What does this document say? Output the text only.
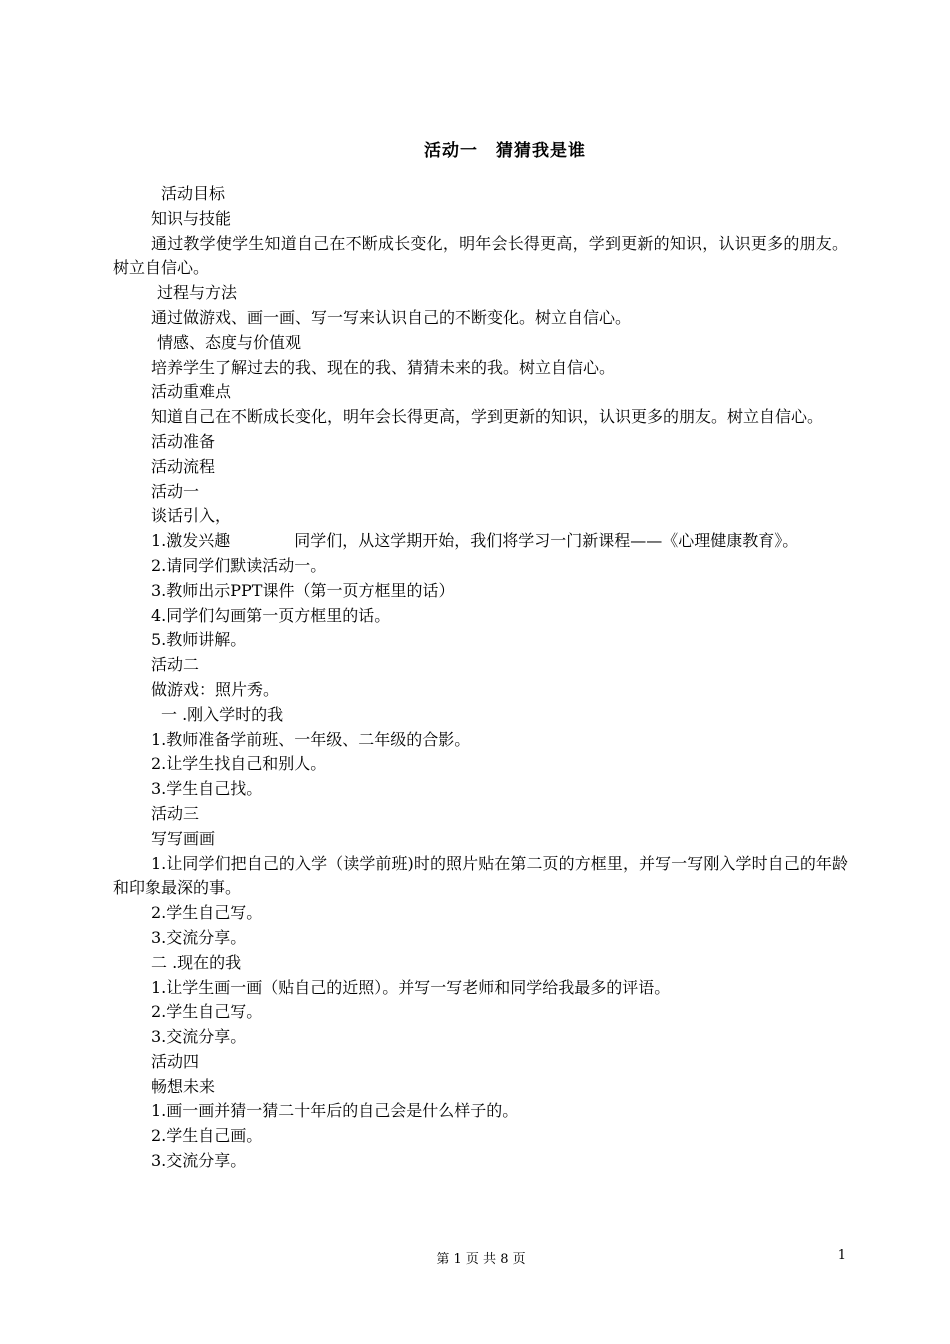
活动一　猜猜我是谁

活动目标

知识与技能

通过教学使学生知道自己在不断成长变化，明年会长得更高，学到更新的知识，认识更多的朋友。树立自信心。

过程与方法

通过做游戏、画一画、写一写来认识自己的不断变化。树立自信心。

情感、态度与价值观

培养学生了解过去的我、现在的我、猜猜未来的我。树立自信心。

活动重难点

知道自己在不断成长变化，明年会长得更高，学到更新的知识，认识更多的朋友。树立自信心。

活动准备

活动流程

活动一

谈话引入，

1.激发兴趣　　　　同学们，从这学期开始，我们将学习一门新课程——《心理健康教育》。

2.请同学们默读活动一。

3.教师出示PPT课件（第一页方框里的话）

4.同学们勾画第一页方框里的话。

5.教师讲解。

活动二

做游戏：照片秀。

一 .刚入学时的我

1.教师准备学前班、一年级、二年级的合影。

2.让学生找自己和别人。

3.学生自己找。

活动三

写写画画

1.让同学们把自己的入学（读学前班)时的照片贴在第二页的方框里，并写一写刚入学时自己的年龄和印象最深的事。

2.学生自己写。

3.交流分享。

二 .现在的我

1.让学生画一画（贴自己的近照）。并写一写老师和同学给我最多的评语。

2.学生自己写。

3.交流分享。

活动四

畅想未来

1.画一画并猜一猜二十年后的自己会是什么样子的。

2.学生自己画。

3.交流分享。

第 1 页 共 8 页	1
